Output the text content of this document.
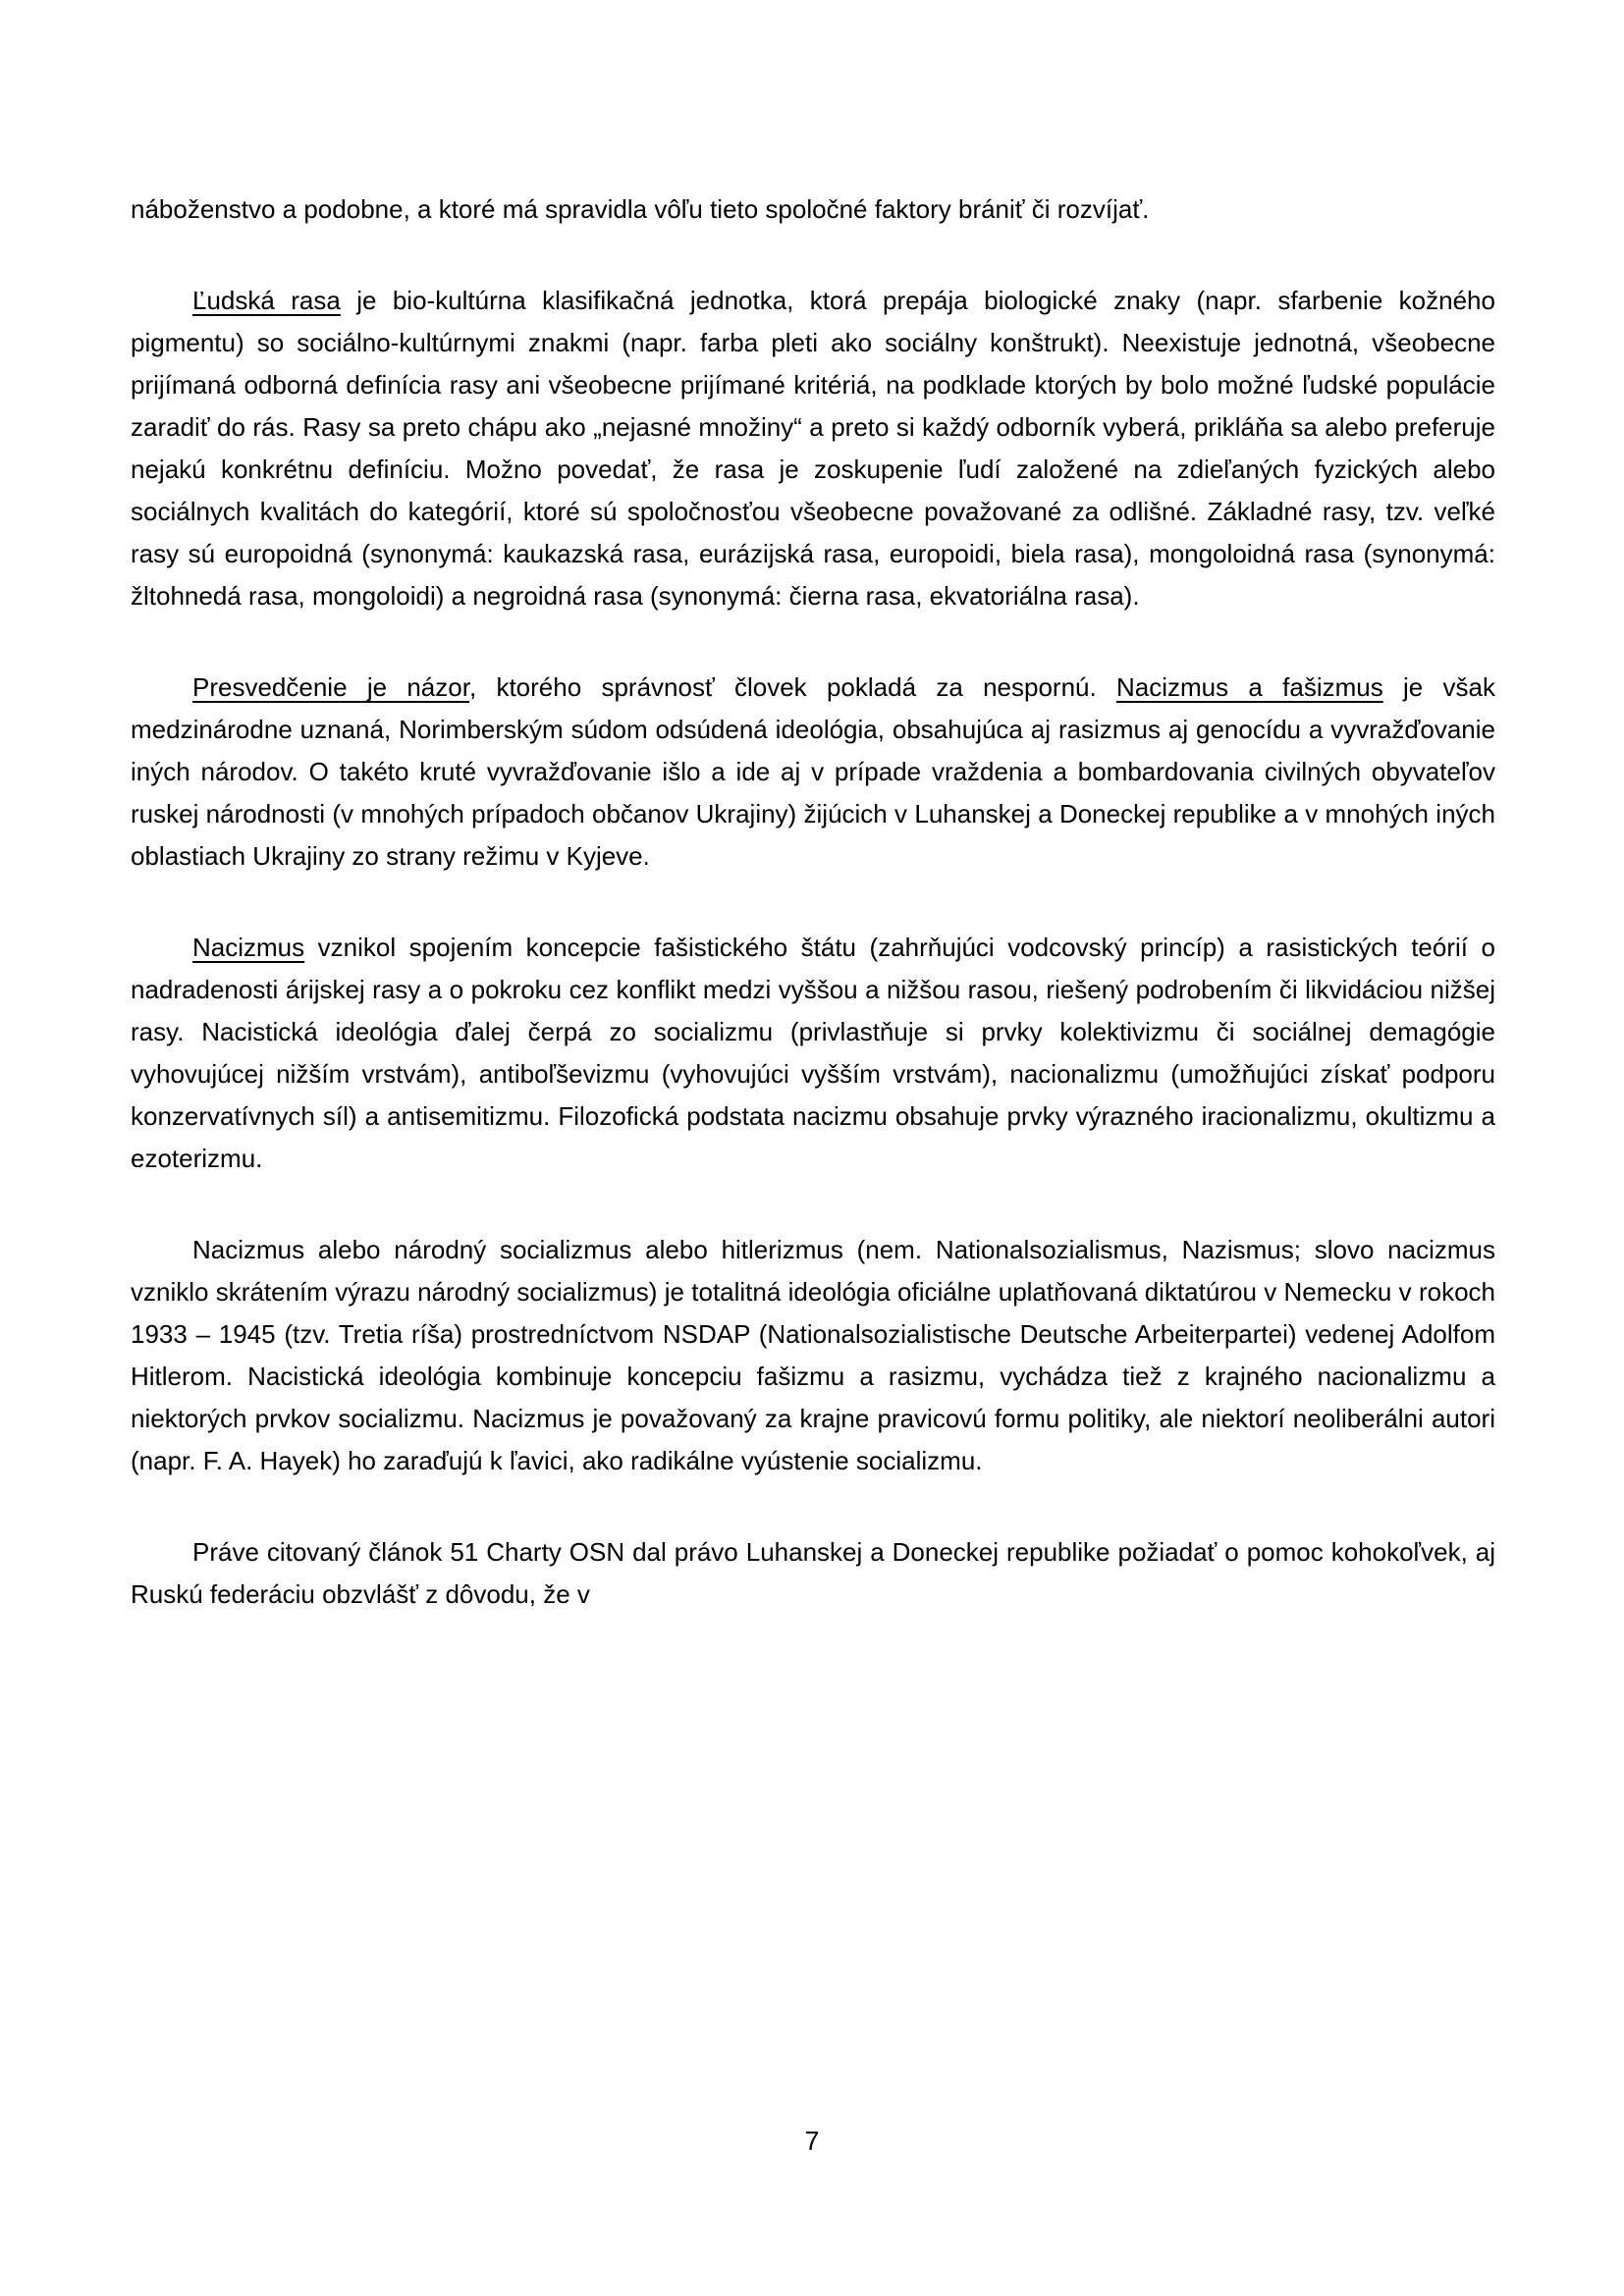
náboženstvo a podobne, a ktoré má spravidla vôľu tieto spoločné faktory brániť či rozvíjať.

Ľudská rasa je bio-kultúrna klasifikačná jednotka, ktorá prepája biologické znaky (napr. sfarbenie kožného pigmentu) so sociálno-kultúrnymi znakmi (napr. farba pleti ako sociálny konštrukt). Neexistuje jednotná, všeobecne prijímaná odborná definícia rasy ani všeobecne prijímané kritériá, na podklade ktorých by bolo možné ľudské populácie zaradiť do rás. Rasy sa preto chápu ako „nejasné množiny“ a preto si každý odborník vyberá, prikláňa sa alebo preferuje nejakú konkrétnu definíciu. Možno povedať, že rasa je zoskupenie ľudí založené na zdieľaných fyzických alebo sociálnych kvalitách do kategórií, ktoré sú spoločnosťou všeobecne považované za odlišné. Základné rasy, tzv. veľké rasy sú europoidná (synonymá: kaukazská rasa, eurázijská rasa, europoidi, biela rasa), mongoloidná rasa (synonymá: žltohnedá rasa, mongoloidi) a negroidná rasa (synonymá: čierna rasa, ekvatoriálna rasa).

Presvedčenie je názor, ktorého správnosť človek pokladá za nespornú. Nacizmus a fašizmus je však medzinárodne uznaná, Norimberským súdom odsúdená ideológia, obsahujúca aj rasizmus aj genocídu a vyvražďovanie iných národov. O takéto kruté vyvražďovanie išlo a ide aj v prípade vraždenia a bombardovania civilných obyvateľov ruskej národnosti (v mnohých prípadoch občanov Ukrajiny) žijúcich v Luhanskej a Doneckej republike a v mnohých iných oblastiach Ukrajiny zo strany režimu v Kyjeve.

Nacizmus vznikol spojením koncepcie fašistického štátu (zahrňujúci vodcovský princíp) a rasistických teórií o nadradenosti árijskej rasy a o pokroku cez konflikt medzi vyššou a nižšou rasou, riešený podrobením či likvidáciou nižšej rasy. Nacistická ideológia ďalej čerpá zo socializmu (privlastňuje si prvky kolektivizmu či sociálnej demagógie vyhovujúcej nižším vrstvám), antiboľševizmu (vyhovujúci vyšším vrstvám), nacionalizmu (umožňujúci získať podporu konzervatívnych síl) a antisemitizmu. Filozofická podstata nacizmu obsahuje prvky výrazného iracionalizmu, okultizmu a ezoterizmu.

Nacizmus alebo národný socializmus alebo hitlerizmus (nem. Nationalsozialismus, Nazismus; slovo nacizmus vzniklo skrátením výrazu národný socializmus) je totalitná ideológia oficiálne uplatňovaná diktatúrou v Nemecku v rokoch 1933 – 1945 (tzv. Tretia ríša) prostredníctvom NSDAP (Nationalsozialistische Deutsche Arbeiterpartei) vedenej Adolfom Hitlerom. Nacistická ideológia kombinuje koncepciu fašizmu a rasizmu, vychádza tiež z krajného nacionalizmu a niektorých prvkov socializmu. Nacizmus je považovaný za krajne pravicovú formu politiky, ale niektorí neoliberálni autori (napr. F. A. Hayek) ho zaraďujú k ľavici, ako radikálne vyústenie socializmu.

Práve citovaný článok 51 Charty OSN dal právo Luhanskej a Doneckej republike požiadať o pomoc kohokoľvek, aj Ruskú federáciu obzvlášť z dôvodu, že v

7
